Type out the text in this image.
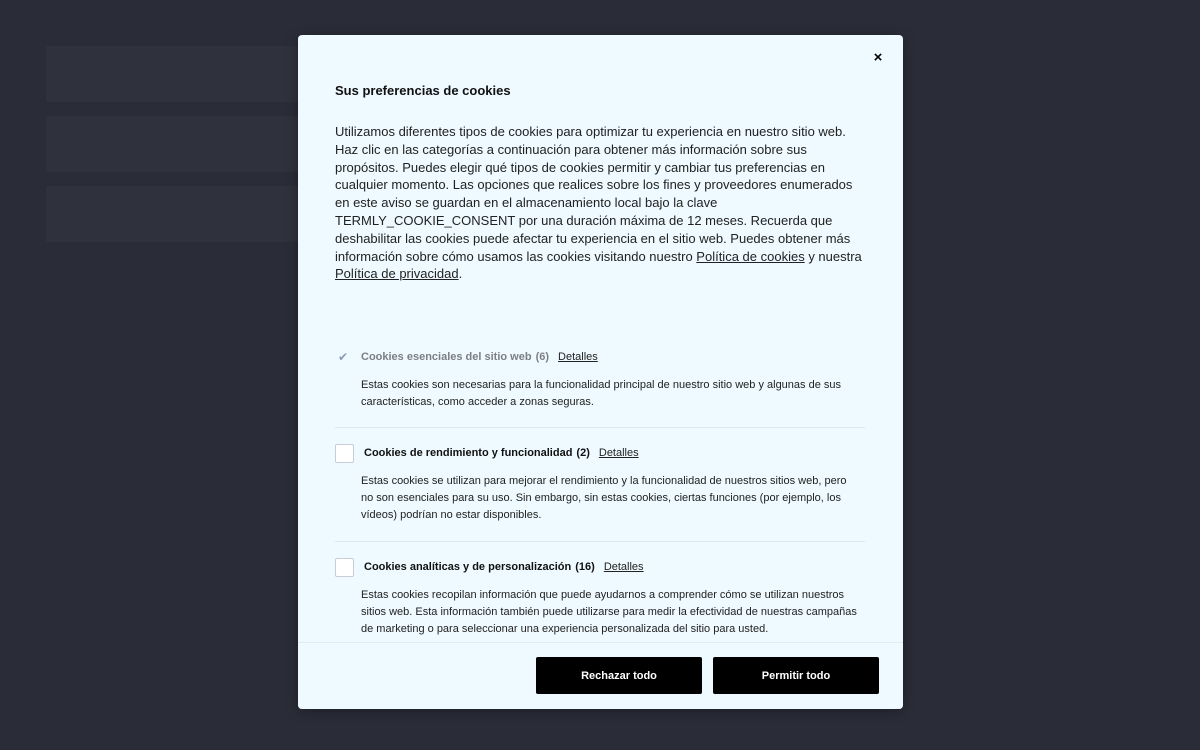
Sus preferencias de cookies

Utilizamos diferentes tipos de cookies para optimizar tu experiencia en nuestro sitio web. Haz clic en las categorías a continuación para obtener más información sobre sus propósitos. Puedes elegir qué tipos de cookies permitir y cambiar tus preferencias en cualquier momento. Las opciones que realices sobre los fines y proveedores enumerados en este aviso se guardan en el almacenamiento local bajo la clave TERMLY_COOKIE_CONSENT por una duración máxima de 12 meses. Recuerda que deshabilitar las cookies puede afectar tu experiencia en el sitio web. Puedes obtener más información sobre cómo usamos las cookies visitando nuestro Política de cookies y nuestra Política de privacidad.

✔ Cookies esenciales del sitio web (6) Detalles
Estas cookies son necesarias para la funcionalidad principal de nuestro sitio web y algunas de sus características, como acceder a zonas seguras.
Cookies de rendimiento y funcionalidad (2) Detalles
Estas cookies se utilizan para mejorar el rendimiento y la funcionalidad de nuestros sitios web, pero no son esenciales para su uso. Sin embargo, sin estas cookies, ciertas funciones (por ejemplo, los vídeos) podrían no estar disponibles.
Cookies analíticas y de personalización (16) Detalles
Estas cookies recopilan información que puede ayudarnos a comprender cómo se utilizan nuestros sitios web. Esta información también puede utilizarse para medir la efectividad de nuestras campañas de marketing o para seleccionar una experiencia personalizada del sitio para usted.
×
Rechazar todo	Permitir todo
